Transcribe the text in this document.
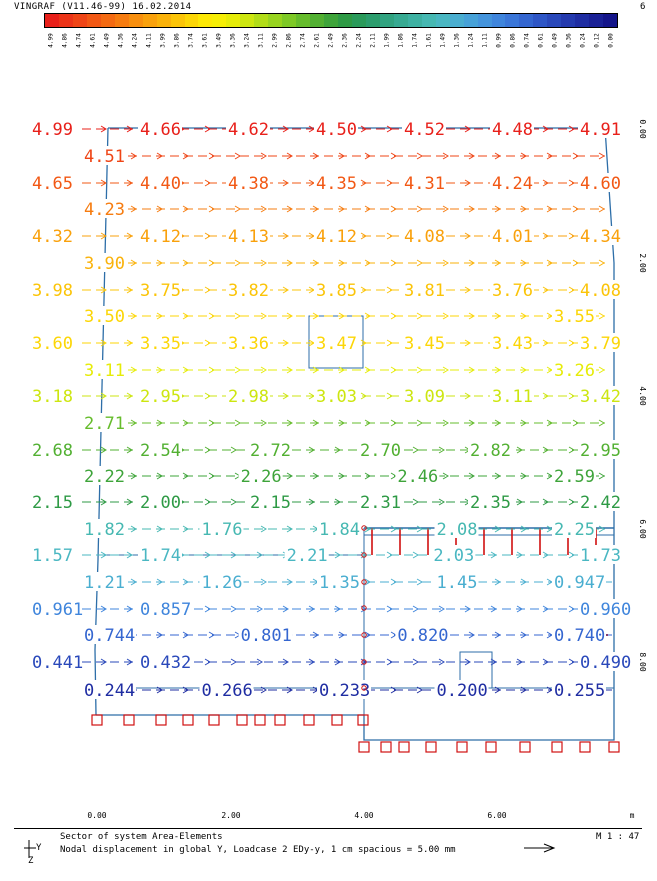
VINGRAF (V11.46-99) 16.02.2014	6
4.99 4.86 4.74 4.61 4.49 4.36 4.24 4.11 3.99 3.86 3.74 3.61 3.49 3.36 3.24 3.11 2.99 2.86 2.74 2.61 2.49 2.36 2.24 2.11 1.99 1.86 1.74 1.61 1.49 1.36 1.24 1.11 0.99 0.86 0.74 0.61 0.49 0.36 0.24 0.12 0.00
4.99	4.66	4.62	4.50	4.52	4.48	4.91
4.51
4.65	4.40	4.38	4.35	4.31	4.24	4.60
4.23
4.32	4.12	4.13	4.12	4.08	4.01	4.34
3.90
3.98	3.75	3.82	3.85	3.81	3.76	4.08
3.50	3.55
3.60	3.35	3.36	3.47	3.45	3.43	3.79
3.11	3.26
3.18	2.95	2.98	3.03	3.09	3.11	3.42
2.71
2.68	2.54	2.72	2.70	2.82	2.95
2.22	2.26	2.46	2.59
2.15	2.00	2.15	2.31	2.35	2.42
1.82	1.76	1.84	2.08	2.25
1.57	1.74	2.21	2.03	1.73
1.21	1.26	1.35	1.45	0.947
0.961	0.857	0.960
0.744	0.801	0.820	0.740
0.441	0.432	0.490
0.244	0.266	0.233	0.200	0.255
0.00
2.00
4.00
6.00
8.00
0.00	2.00	4.00	6.00	m
Sector of system Area-Elements
Nodal displacement in global Y, Loadcase 2 EDy-y, 1 cm spacious = 5.00 mm
M 1 : 47
Y
Z
